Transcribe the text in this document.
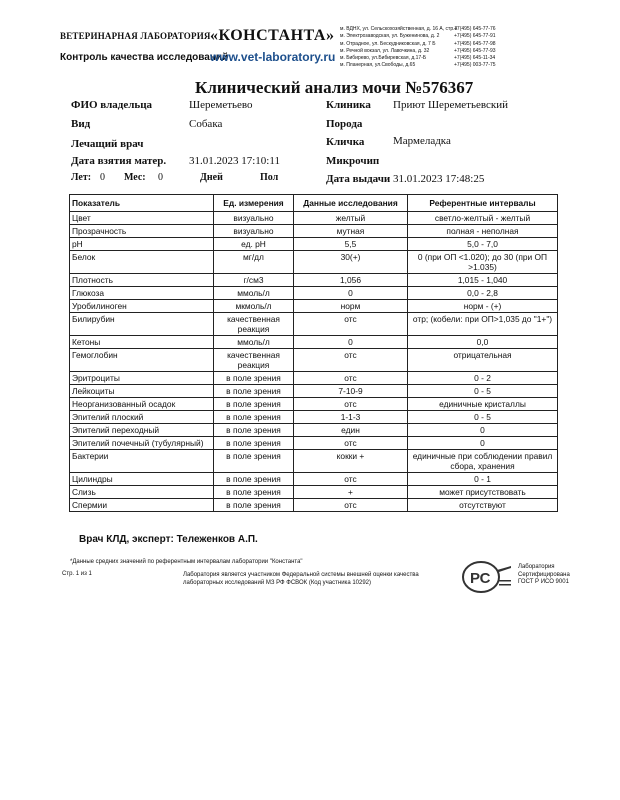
ВЕТЕРИНАРНАЯ ЛАБОРАТОРИЯ «КОНСТАНТА»
Контроль качества исследований
www.vet-laboratory.ru
м. ВДНХ, ул. Сельскохозяйственная, д. 16 А, стр.3
м. Электрозаводская, ул. Буженинова, д. 2
м. Отрадное, ул. Бескудниковская, д. 7 Б
м. Речной вокзал, ул. Лавочкина, д. 32
м. Бибирево, ул.Бибиревская, д.17-Б
м. Планерная, ул.Свободы, д.65
+7(495) 645-77-76
+7(495) 645-77-91
+7(495) 645-77-98
+7(495) 645-77-93
+7(495) 645-11-34
+7(495) 003-77-75
Клинический анализ мочи №576367
ФИО владельца	Шереметьево	Клиника Приют Шереметьевский
Вид	Собака	Порода
Лечащий врач	Кличка	Мармеладка
Дата взятия матер. 31.01.2023 17:10:11	Микрочип
Лет: 0 Мес: 0	Дней	Пол	Дата выдачи 31.01.2023 17:48:25
Показатель	Ед. измерения	Данные исследования	Референтные интервалы
Цвет	визуально	желтый	светло-желтый - желтый
Прозрачность	визуально	мутная	полная - неполная
pH	ед. рН	5,5	5,0 - 7,0
Белок	мг/дл	30(+)	0 (при ОП <1.020); до 30 (при ОП >1.035)
Плотность	г/см3	1,056	1,015 - 1,040
Глюкоза	ммоль/л	0	0,0 - 2,8
Уробилиноген	мкмоль/л	норм	норм - (+)
Билирубин	качественная реакция	отс	отр; (кобели: при ОП>1,035 до "1+")
Кетоны	ммоль/л	0	0,0
Гемоглобин	качественная реакция	отс	отрицательная
Эритроциты	в поле зрения	отс	0 - 2
Лейкоциты	в поле зрения	7-10-9	0 - 5
Неорганизованный осадок	в поле зрения	отс	единичные кристаллы
Эпителий плоский	в поле зрения	1-1-3	0 - 5
Эпителий переходный	в поле зрения	един	0
Эпителий почечный (тубулярный)	в поле зрения	отс	0
Бактерии	в поле зрения	кокки +	единичные при соблюдении правил сбора, хранения
Цилиндры	в поле зрения	отс	0 - 1
Слизь	в поле зрения	+	может присутствовать
Спермии	в поле зрения	отс	отсутствуют
Врач КЛД, эксперт: Тележенков А.П.
*Данные средних значений по референтным интервалам лаборатории "Константа"
Стр. 1 из 1	Лаборатория является участником Федеральной системы внешней оценки качества лабораторных исследований МЗ РФ ФСВОК (Код участника 10292)	РС
Лаборатория Сертифицирована ГОСТ Р ИСО 9001
